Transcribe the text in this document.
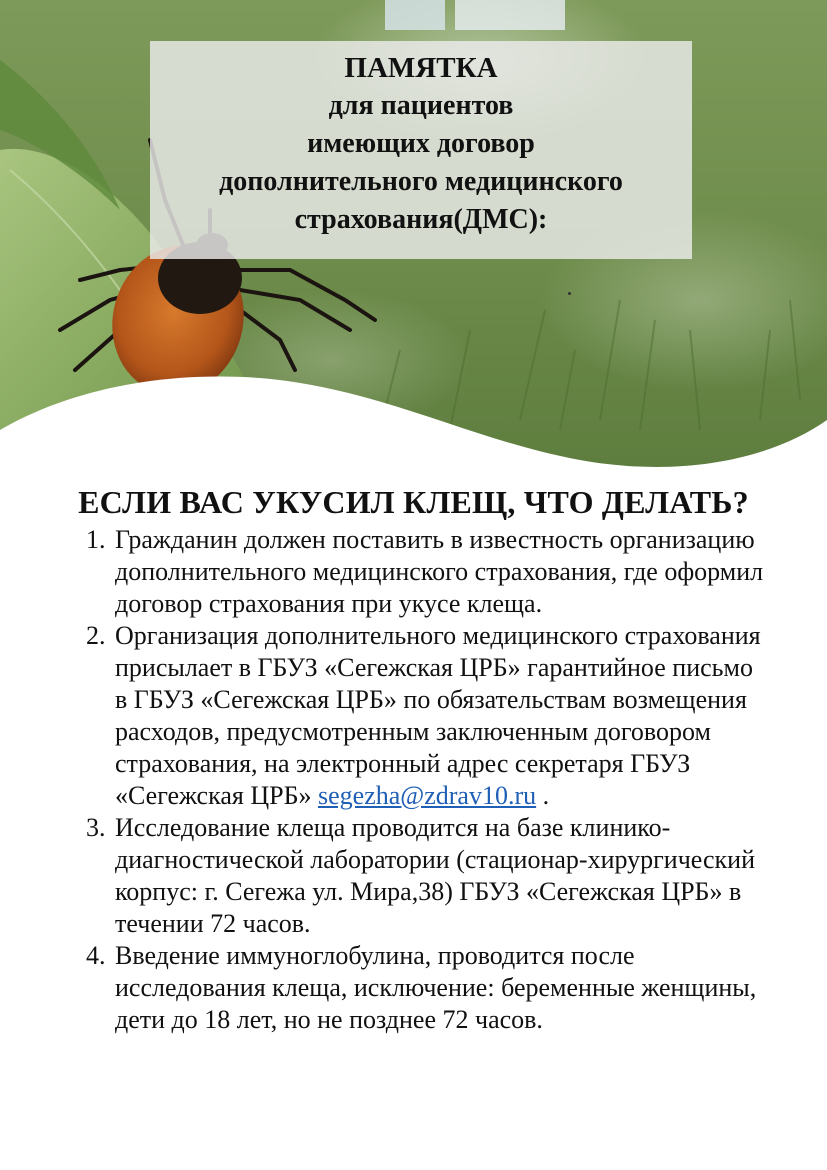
ПАМЯТКА
для пациентов
имеющих договор
дополнительного медицинского
страхования(ДМС):
ЕСЛИ ВАС УКУСИЛ КЛЕЩ, ЧТО ДЕЛАТЬ?
1. Гражданин должен поставить в известность организацию дополнительного медицинского страхования, где оформил договор страхования при укусе клеща.
2. Организация дополнительного медицинского страхования присылает в ГБУЗ «Сегежская ЦРБ» гарантийное письмо в ГБУЗ «Сегежская ЦРБ» по обязательствам возмещения расходов, предусмотренным заключенным договором страхования, на электронный адрес секретаря ГБУЗ «Сегежская ЦРБ» segezha@zdrav10.ru .
3. Исследование клеща проводится на базе клинико-диагностической лаборатории (стационар-хирургический корпус: г. Сегежа ул. Мира,38) ГБУЗ «Сегежская ЦРБ» в течении 72 часов.
4. Введение иммуноглобулина, проводится после исследования клеща, исключение: беременные женщины, дети до 18 лет, но не позднее 72 часов.
